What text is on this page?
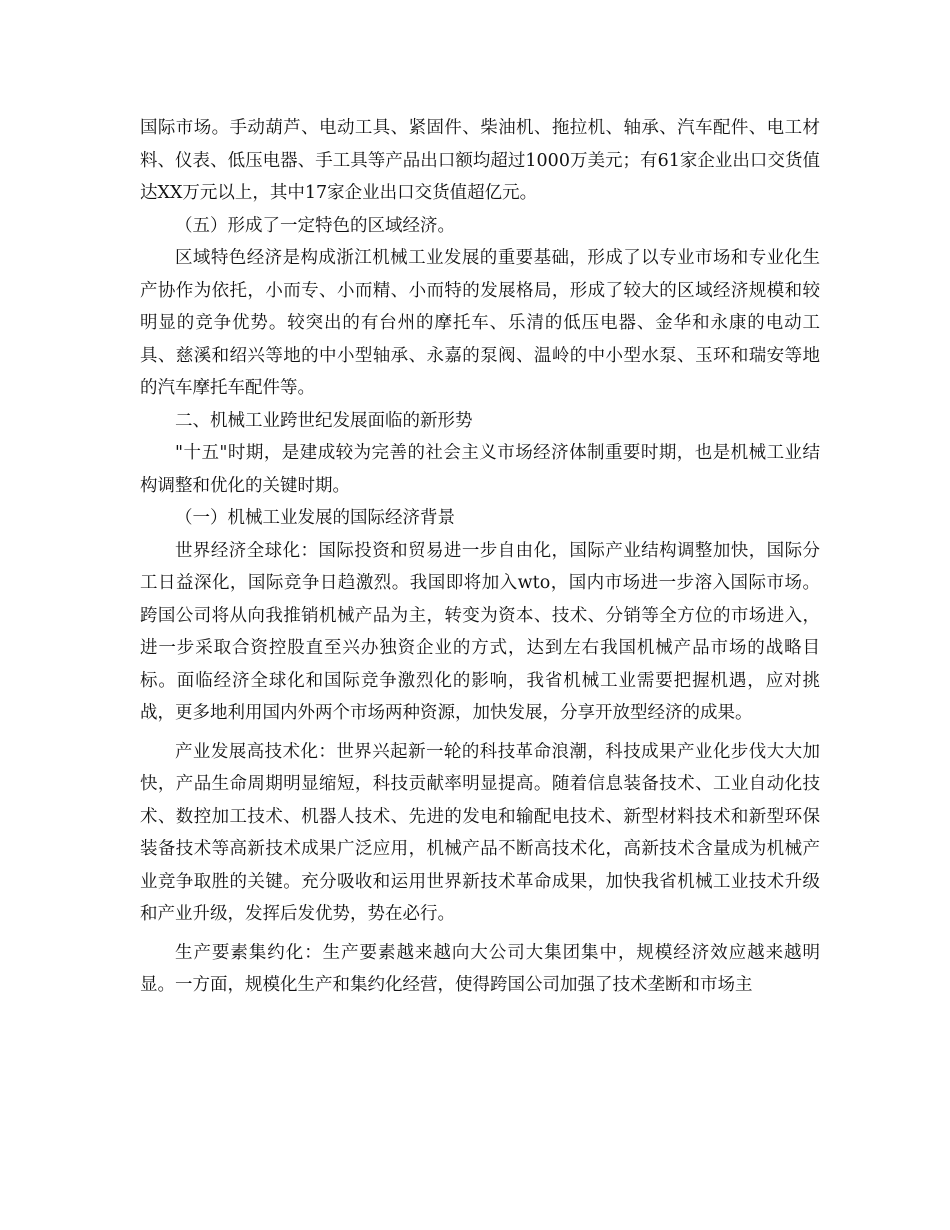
国际市场。手动葫芦、电动工具、紧固件、柴油机、拖拉机、轴承、汽车配件、电工材料、仪表、低压电器、手工具等产品出口额均超过1000万美元；有61家企业出口交货值达XX万元以上，其中17家企业出口交货值超亿元。

（五）形成了一定特色的区域经济。

区域特色经济是构成浙江机械工业发展的重要基础，形成了以专业市场和专业化生产协作为依托，小而专、小而精、小而特的发展格局，形成了较大的区域经济规模和较明显的竞争优势。较突出的有台州的摩托车、乐清的低压电器、金华和永康的电动工具、慈溪和绍兴等地的中小型轴承、永嘉的泵阀、温岭的中小型水泵、玉环和瑞安等地的汽车摩托车配件等。

二、机械工业跨世纪发展面临的新形势

"十五"时期，是建成较为完善的社会主义市场经济体制重要时期，也是机械工业结构调整和优化的关键时期。

（一）机械工业发展的国际经济背景

世界经济全球化：国际投资和贸易进一步自由化，国际产业结构调整加快，国际分工日益深化，国际竞争日趋激烈。我国即将加入wto，国内市场进一步溶入国际市场。跨国公司将从向我推销机械产品为主，转变为资本、技术、分销等全方位的市场进入，进一步采取合资控股直至兴办独资企业的方式，达到左右我国机械产品市场的战略目标。面临经济全球化和国际竞争激烈化的影响，我省机械工业需要把握机遇，应对挑战，更多地利用国内外两个市场两种资源，加快发展，分享开放型经济的成果。

产业发展高技术化：世界兴起新一轮的科技革命浪潮，科技成果产业化步伐大大加快，产品生命周期明显缩短，科技贡献率明显提高。随着信息装备技术、工业自动化技术、数控加工技术、机器人技术、先进的发电和输配电技术、新型材料技术和新型环保装备技术等高新技术成果广泛应用，机械产品不断高技术化，高新技术含量成为机械产业竞争取胜的关键。充分吸收和运用世界新技术革命成果，加快我省机械工业技术升级和产业升级，发挥后发优势，势在必行。

生产要素集约化：生产要素越来越向大公司大集团集中，规模经济效应越来越明显。一方面，规模化生产和集约化经营，使得跨国公司加强了技术垄断和市场主
